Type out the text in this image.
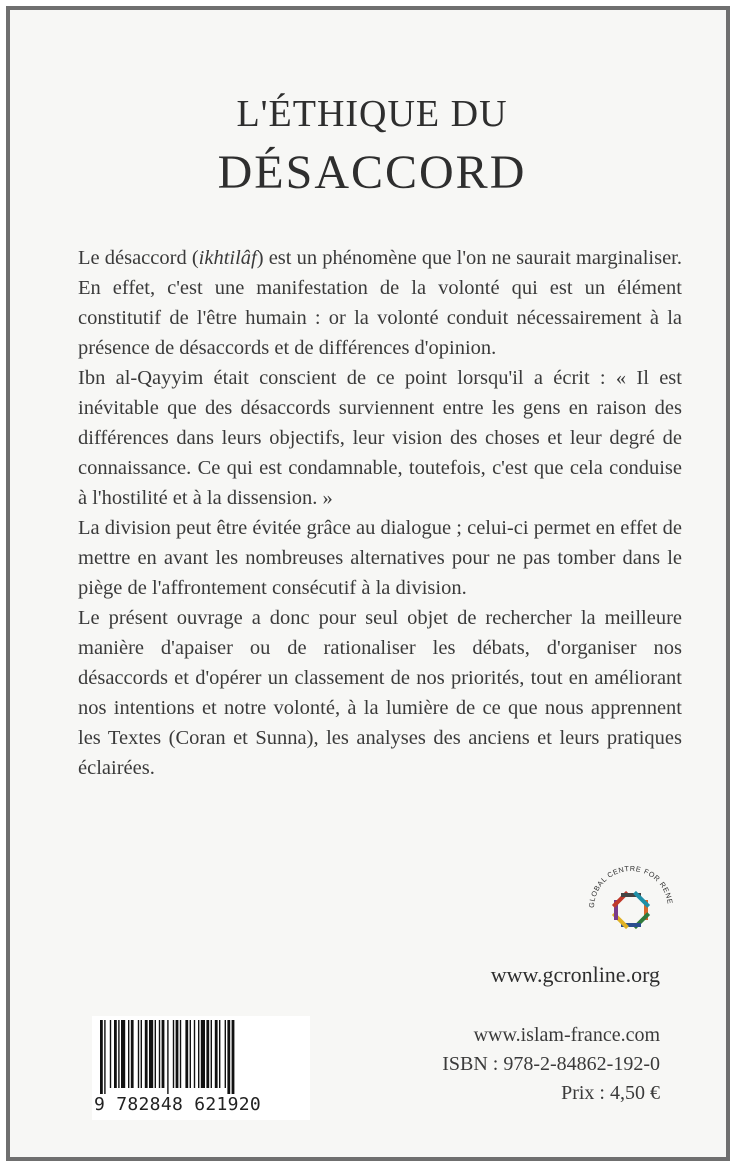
L'ÉTHIQUE DU
DÉSACCORD

Le désaccord (ikhtilâf) est un phénomène que l'on ne saurait marginaliser. En effet, c'est une manifestation de la volonté qui est un élément constitutif de l'être humain : or la volonté conduit nécessairement à la présence de désaccords et de différences d'opinion.

Ibn al-Qayyim était conscient de ce point lorsqu'il a écrit : « Il est inévitable que des désaccords surviennent entre les gens en raison des différences dans leurs objectifs, leur vision des choses et leur degré de connaissance. Ce qui est condamnable, toutefois, c'est que cela conduise à l'hostilité et à la dissension. »

La division peut être évitée grâce au dialogue ; celui-ci permet en effet de mettre en avant les nombreuses alternatives pour ne pas tomber dans le piège de l'affrontement consécutif à la division.

Le présent ouvrage a donc pour seul objet de rechercher la meilleure manière d'apaiser ou de rationaliser les débats, d'organiser nos désaccords et d'opérer un classement de nos priorités, tout en améliorant nos intentions et notre volonté, à la lumière de ce que nous apprennent les Textes (Coran et Sunna), les analyses des anciens et leurs pratiques éclairées.

GLOBAL CENTRE FOR RENE
www.gcronline.org
9 782848 621920
www.islam-france.com
ISBN : 978-2-84862-192-0
Prix : 4,50 €
